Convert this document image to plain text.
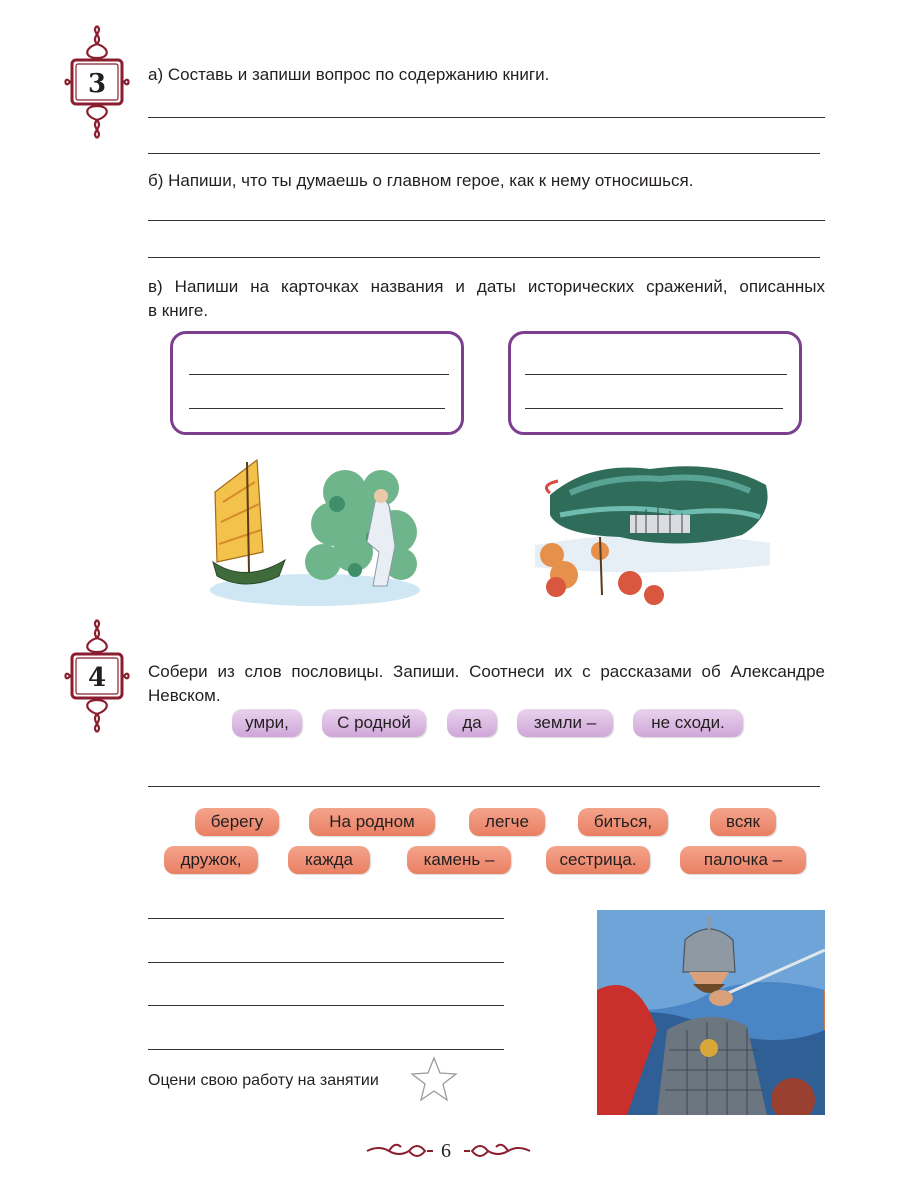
3 а) Составь и запиши вопрос по содержанию книги.
б) Напиши, что ты думаешь о главном герое, как к нему относишься.
в) Напиши на карточках названия и даты исторических сражений, описанных
в книге.
4 Собери из слов пословицы. Запиши. Соотнеси их с рассказами об Александре
Невском.
умри,	С родной	да	земли –	не сходи.
берегу	На родном	легче	биться,	всяк
дружок,	кажда	камень –	сестрица.	палочка –
Оцени свою работу на занятии
6
